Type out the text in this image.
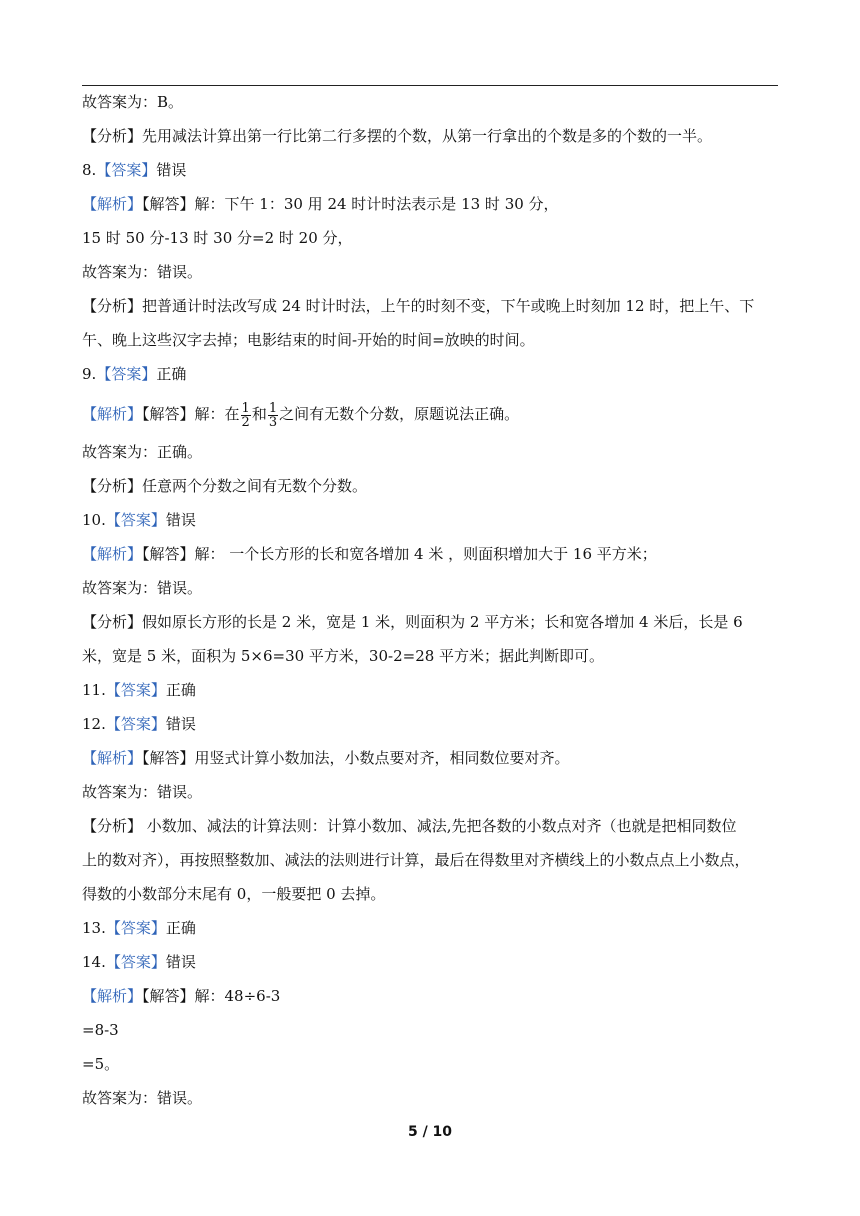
故答案为：B。
【分析】先用减法计算出第一行比第二行多摆的个数，从第一行拿出的个数是多的个数的一半。
8.【答案】错误
【解析】【解答】解：下午 1：30 用 24 时计时法表示是 13 时 30 分，
15 时 50 分-13 时 30 分=2 时 20 分，
故答案为：错误。
【分析】把普通计时法改写成 24 时计时法，上午的时刻不变，下午或晚上时刻加 12 时，把上午、下
午、晚上这些汉字去掉；电影结束的时间-开始的时间=放映的时间。
9.【答案】正确
【解析】【解答】解：在 $\frac{1}{2}$ 和 $\frac{1}{3}$ 之间有无数个分数，原题说法正确。
故答案为：正确。
【分析】任意两个分数之间有无数个分数。
10.【答案】错误
【解析】【解答】解： 一个长方形的长和宽各增加 4 米 ，则面积增加大于 16 平方米；
故答案为：错误。
【分析】假如原长方形的长是 2 米，宽是 1 米，则面积为 2 平方米；长和宽各增加 4 米后，长是 6
米，宽是 5 米，面积为 5×6=30 平方米，30-2=28 平方米；据此判断即可。
11.【答案】正确
12.【答案】错误
【解析】【解答】用竖式计算小数加法，小数点要对齐，相同数位要对齐。
故答案为：错误。
【分析】 小数加、减法的计算法则：计算小数加、减法,先把各数的小数点对齐（也就是把相同数位
上的数对齐），再按照整数加、减法的法则进行计算，最后在得数里对齐横线上的小数点点上小数点，
得数的小数部分末尾有 0，一般要把 0 去掉。
13.【答案】正确
14.【答案】错误
【解析】【解答】解：48÷6-3
=8-3
=5。
故答案为：错误。
5 / 10
